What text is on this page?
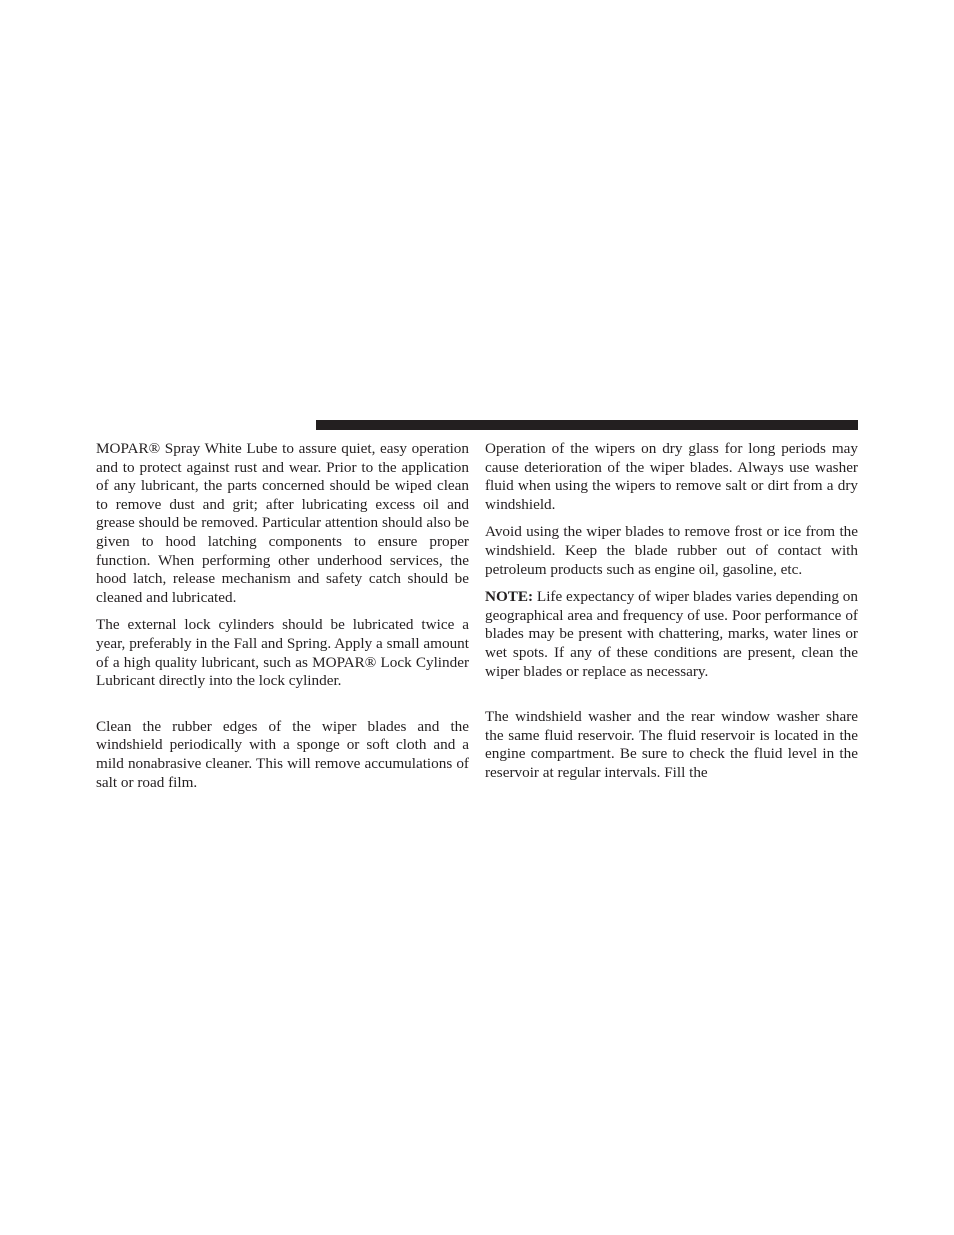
MOPAR® Spray White Lube to assure quiet, easy operation and to protect against rust and wear. Prior to the application of any lubricant, the parts concerned should be wiped clean to remove dust and grit; after lubricating excess oil and grease should be removed. Particular attention should also be given to hood latching components to ensure proper function. When performing other underhood services, the hood latch, release mechanism and safety catch should be cleaned and lubricated.

The external lock cylinders should be lubricated twice a year, preferably in the Fall and Spring. Apply a small amount of a high quality lubricant, such as MOPAR® Lock Cylinder Lubricant directly into the lock cylinder.

Clean the rubber edges of the wiper blades and the windshield periodically with a sponge or soft cloth and a mild nonabrasive cleaner. This will remove accumulations of salt or road film.

Operation of the wipers on dry glass for long periods may cause deterioration of the wiper blades. Always use washer fluid when using the wipers to remove salt or dirt from a dry windshield.

Avoid using the wiper blades to remove frost or ice from the windshield. Keep the blade rubber out of contact with petroleum products such as engine oil, gasoline, etc.

NOTE: Life expectancy of wiper blades varies depending on geographical area and frequency of use. Poor performance of blades may be present with chattering, marks, water lines or wet spots. If any of these conditions are present, clean the wiper blades or replace as necessary.

The windshield washer and the rear window washer share the same fluid reservoir. The fluid reservoir is located in the engine compartment. Be sure to check the fluid level in the reservoir at regular intervals. Fill the
